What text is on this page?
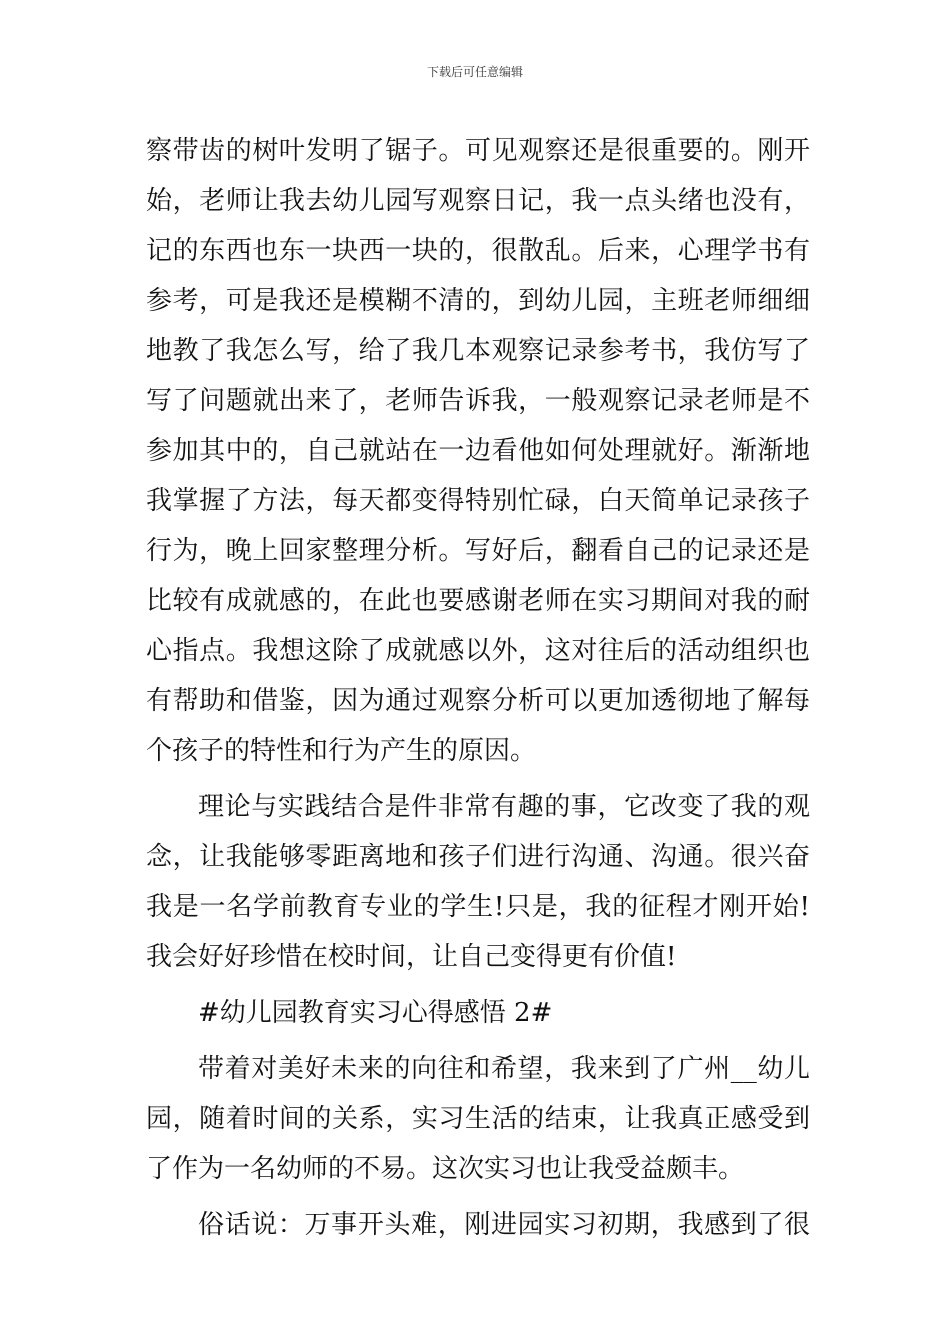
下载后可任意编辑
察带齿的树叶发明了锯子。可见观察还是很重要的。刚开
始，老师让我去幼儿园写观察日记，我一点头绪也没有，
记的东西也东一块西一块的，很散乱。后来，心理学书有
参考，可是我还是模糊不清的，到幼儿园，主班老师细细
地教了我怎么写，给了我几本观察记录参考书，我仿写了
写了问题就出来了，老师告诉我，一般观察记录老师是不
参加其中的，自己就站在一边看他如何处理就好。渐渐地
我掌握了方法，每天都变得特别忙碌，白天简单记录孩子
行为，晚上回家整理分析。写好后，翻看自己的记录还是
比较有成就感的，在此也要感谢老师在实习期间对我的耐
心指点。我想这除了成就感以外，这对往后的活动组织也
有帮助和借鉴，因为通过观察分析可以更加透彻地了解每
个孩子的特性和行为产生的原因。
理论与实践结合是件非常有趣的事，它改变了我的观
念，让我能够零距离地和孩子们进行沟通、沟通。很兴奋
我是一名学前教育专业的学生!只是，我的征程才刚开始!
我会好好珍惜在校时间，让自己变得更有价值!
#幼儿园教育实习心得感悟 2#
带着对美好未来的向往和希望，我来到了广州__幼儿
园，随着时间的关系，实习生活的结束，让我真正感受到
了作为一名幼师的不易。这次实习也让我受益颇丰。
俗话说：万事开头难，刚进园实习初期，我感到了很
